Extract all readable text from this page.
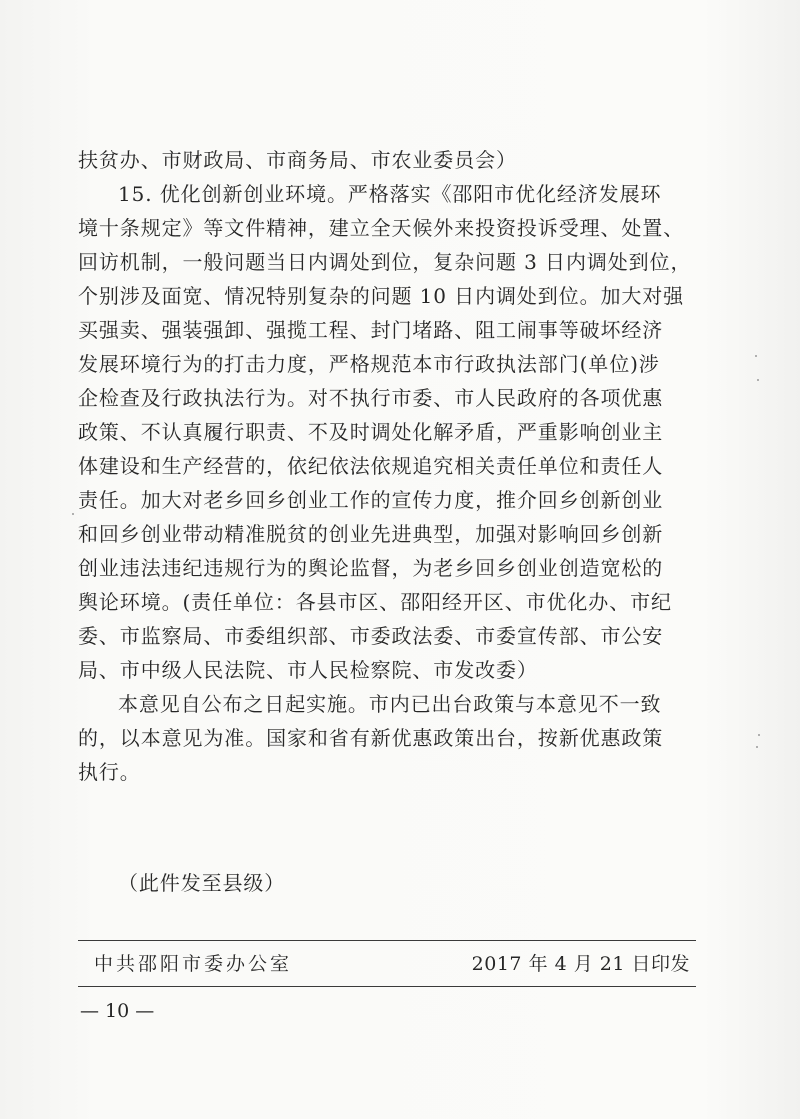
扶贫办、市财政局、市商务局、市农业委员会）
15. 优化创新创业环境。严格落实《邵阳市优化经济发展环
境十条规定》等文件精神，建立全天候外来投资投诉受理、处置、
回访机制，一般问题当日内调处到位，复杂问题 3 日内调处到位，
个别涉及面宽、情况特别复杂的问题 10 日内调处到位。加大对强
买强卖、强装强卸、强揽工程、封门堵路、阻工闹事等破坏经济
发展环境行为的打击力度，严格规范本市行政执法部门(单位)涉
企检查及行政执法行为。对不执行市委、市人民政府的各项优惠
政策、不认真履行职责、不及时调处化解矛盾，严重影响创业主
体建设和生产经营的，依纪依法依规追究相关责任单位和责任人
责任。加大对老乡回乡创业工作的宣传力度，推介回乡创新创业
和回乡创业带动精准脱贫的创业先进典型，加强对影响回乡创新
创业违法违纪违规行为的舆论监督，为老乡回乡创业创造宽松的
舆论环境。(责任单位：各县市区、邵阳经开区、市优化办、市纪
委、市监察局、市委组织部、市委政法委、市委宣传部、市公安
局、市中级人民法院、市人民检察院、市发改委）
本意见自公布之日起实施。市内已出台政策与本意见不一致
的，以本意见为准。国家和省有新优惠政策出台，按新优惠政策
执行。
（此件发至县级）
中共邵阳市委办公室	2017 年 4 月 21 日印发
— 10 —
